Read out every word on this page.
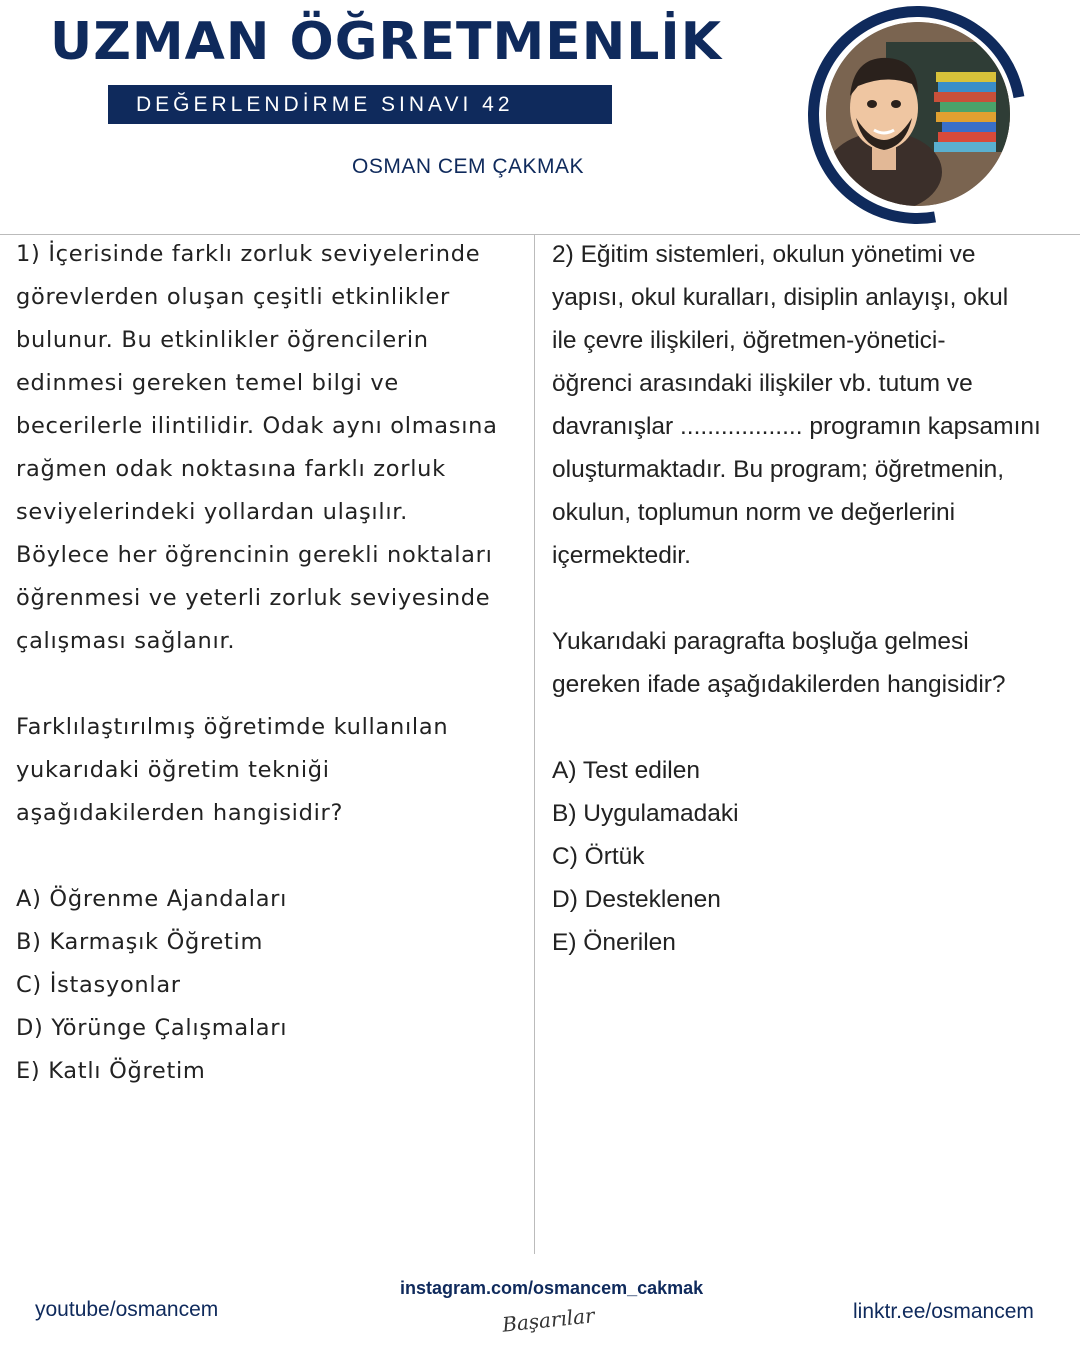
UZMAN ÖĞRETMENLİK
DEĞERLENDİRME SINAVI 42
OSMAN CEM ÇAKMAK
1) İçerisinde farklı zorluk seviyelerinde
görevlerden oluşan çeşitli etkinlikler
bulunur. Bu etkinlikler öğrencilerin
edinmesi gereken temel bilgi ve
becerilerle ilintilidir. Odak aynı olmasına
rağmen odak noktasına farklı zorluk
seviyelerindeki yollardan ulaşılır.
Böylece her öğrencinin gerekli noktaları
öğrenmesi ve yeterli zorluk seviyesinde
çalışması sağlanır.
Farklılaştırılmış öğretimde kullanılan
yukarıdaki öğretim tekniği
aşağıdakilerden hangisidir?
A) Öğrenme Ajandaları
B) Karmaşık Öğretim
C) İstasyonlar
D) Yörünge Çalışmaları
E) Katlı Öğretim
2) Eğitim sistemleri, okulun yönetimi ve
yapısı, okul kuralları, disiplin anlayışı, okul
ile çevre ilişkileri, öğretmen-yönetici-
öğrenci arasındaki ilişkiler vb. tutum ve
davranışlar .................. programın kapsamını
oluşturmaktadır. Bu program; öğretmenin,
okulun, toplumun norm ve değerlerini
içermektedir.
Yukarıdaki paragrafta boşluğa gelmesi
gereken ifade aşağıdakilerden hangisidir?
A) Test edilen
B) Uygulamadaki
C) Örtük
D) Desteklenen
E) Önerilen
youtube/osmancem
instagram.com/osmancem_cakmak
Başarılar	linktr.ee/osmancem
